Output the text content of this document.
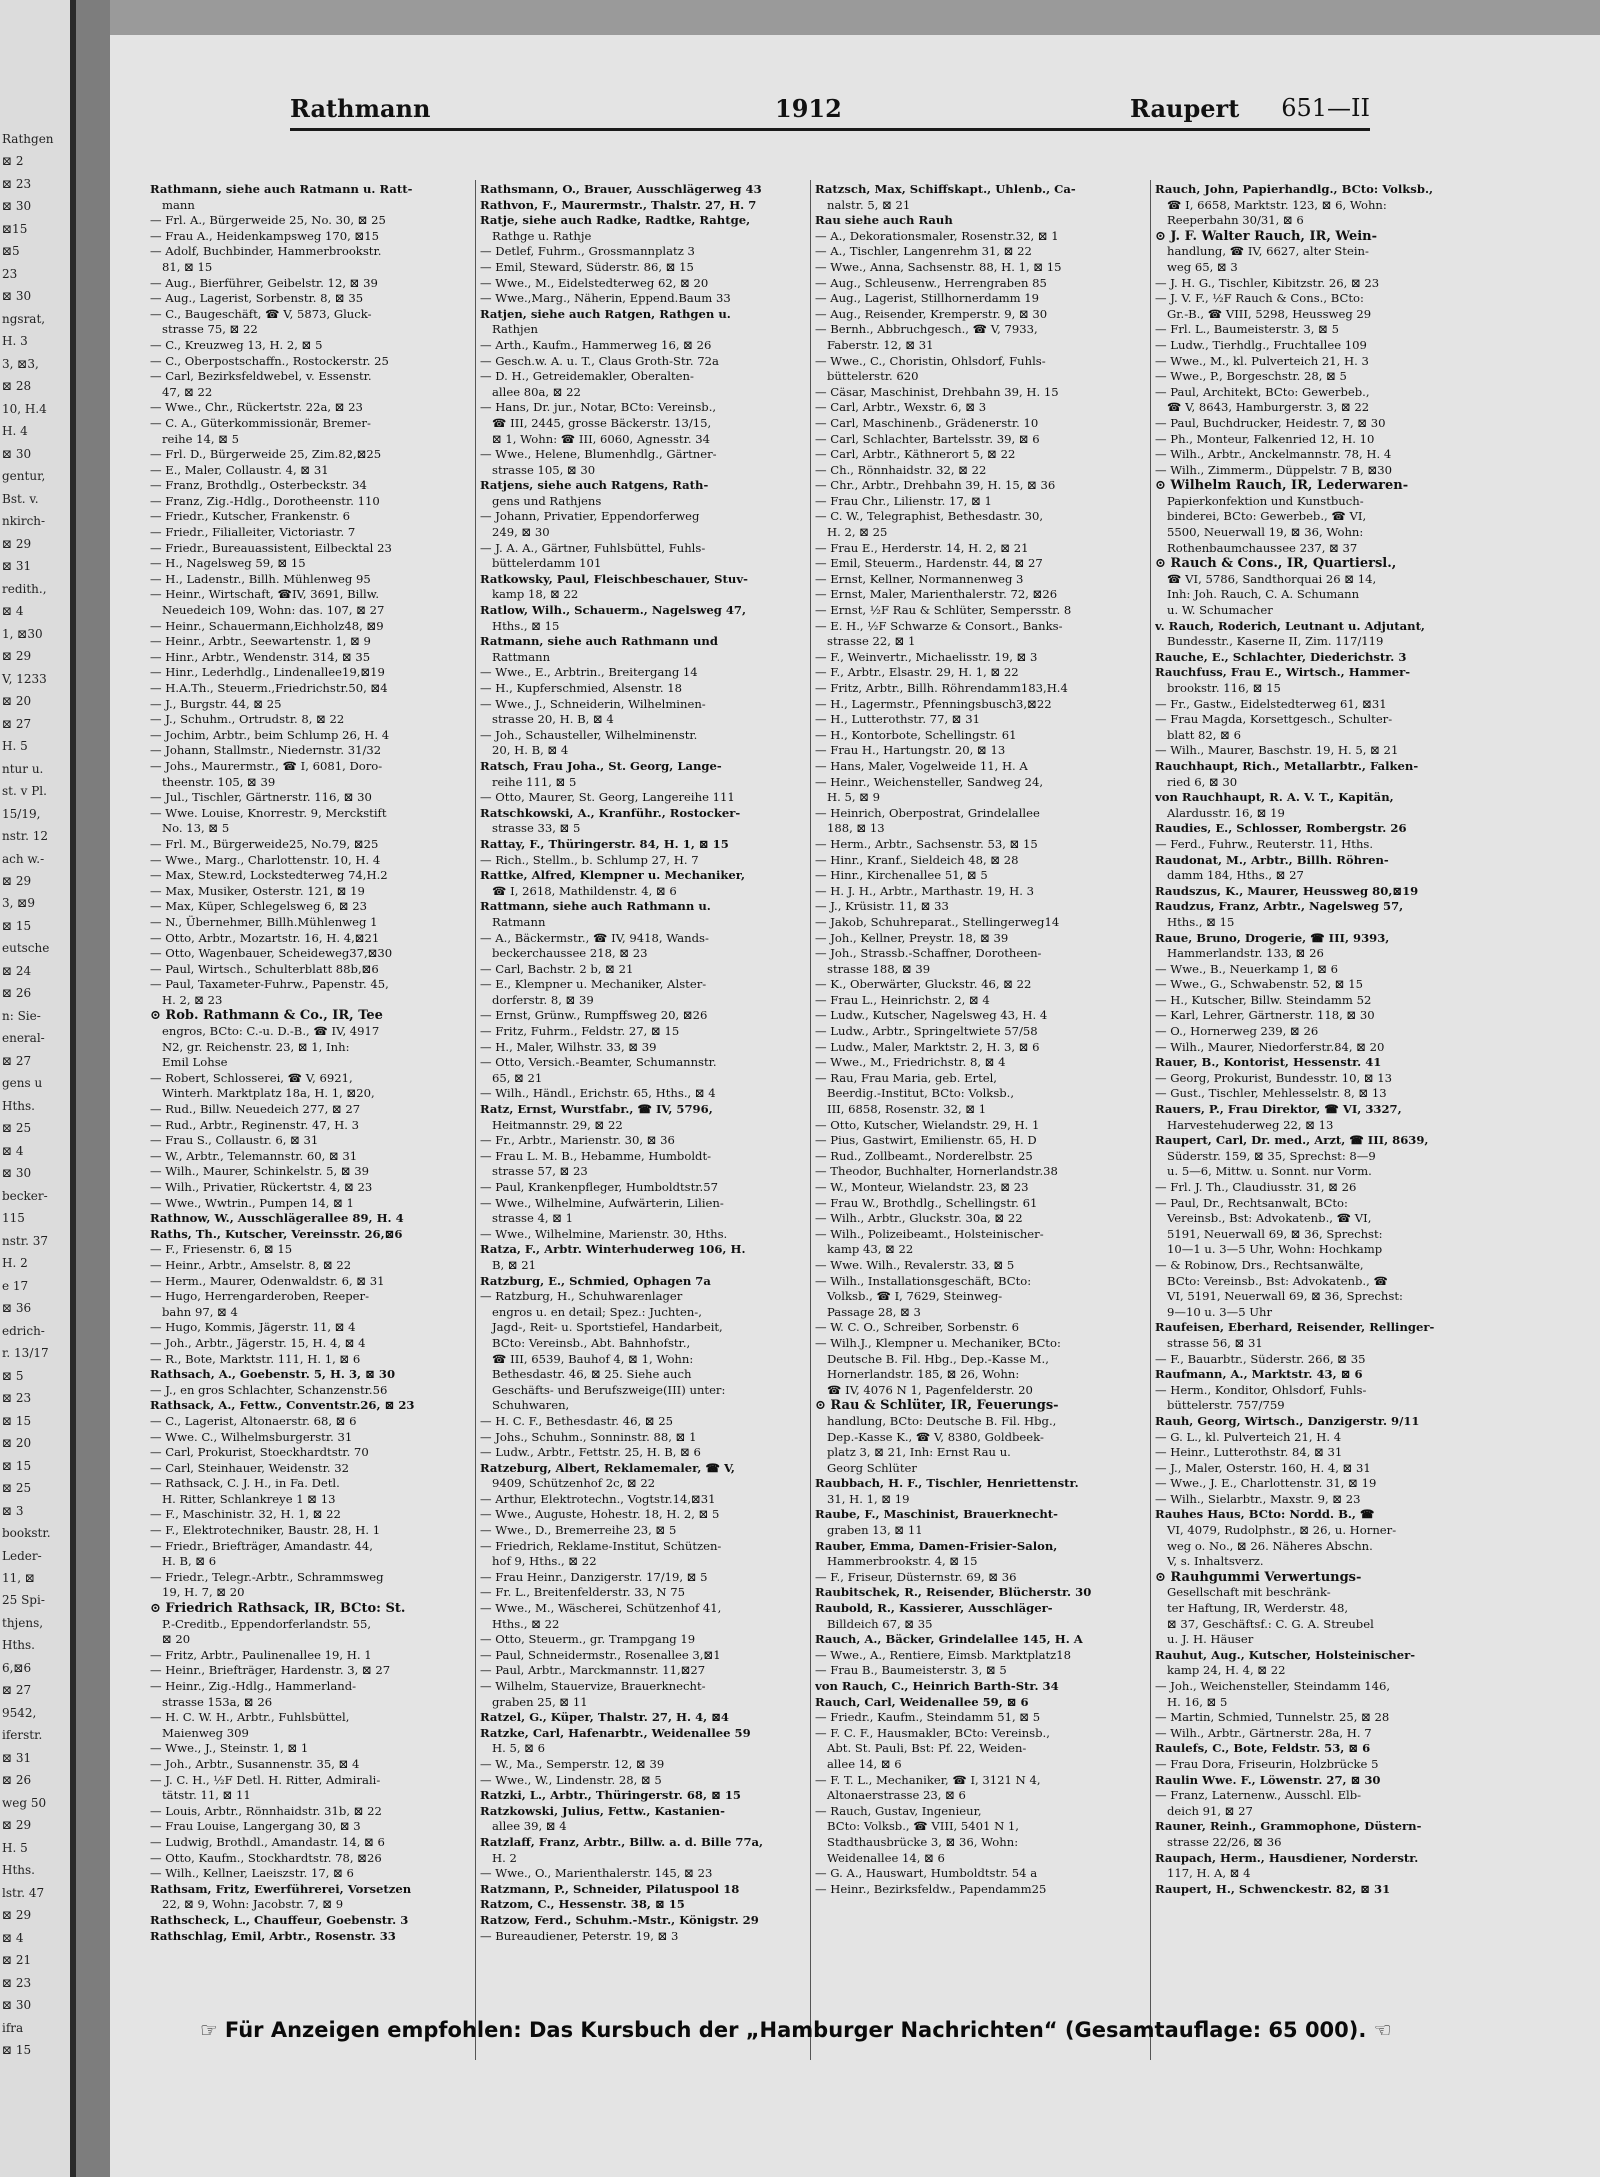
Rathgen
⊠ 2
⊠ 23
⊠ 30
⊠15
⊠5
23
⊠ 30
ngsrat,
H. 3
3, ⊠3,
⊠ 28
10, H.4
H. 4
⊠ 30
gentur,
Bst. v.
nkirch-
⊠ 29
⊠ 31
redith.,
⊠ 4
1, ⊠30
⊠ 29
V, 1233
⊠ 20
⊠ 27
H. 5
ntur u.
st. v Pl.
15/19,
nstr. 12
ach w.-
⊠ 29
3, ⊠9
⊠ 15
eutsche
⊠ 24
⊠ 26
n: Sie-
eneral-
⊠ 27
gens u
Hths.
⊠ 25
⊠ 4
⊠ 30
becker-
115
nstr. 37
H. 2
e 17
⊠ 36
edrich-
r. 13/17
⊠ 5
⊠ 23
⊠ 15
⊠ 20
⊠ 15
⊠ 25
⊠ 3
bookstr.
Leder-
11, ⊠
25 Spi-
thjens,
Hths.
6,⊠6
⊠ 27
9542,
iferstr.
⊠ 31
⊠ 26
weg 50
⊠ 29
H. 5
Hths.
lstr. 47
⊠ 29
⊠ 4
⊠ 21
⊠ 23
⊠ 30
ifra
⊠ 15
Rathmann	1912	Raupert 651—II
Rathmann, siehe auch Ratmann u. Ratt-
mann
— Frl. A., Bürgerweide 25, No. 30, ⊠ 25
— Frau A., Heidenkampsweg 170, ⊠15
— Adolf, Buchbinder, Hammerbrookstr.
81, ⊠ 15
— Aug., Bierführer, Geibelstr. 12, ⊠ 39
— Aug., Lagerist, Sorbenstr. 8, ⊠ 35
— C., Baugeschäft, ☎ V, 5873, Gluck-
strasse 75, ⊠ 22
— C., Kreuzweg 13, H. 2, ⊠ 5
— C., Oberpostschaffn., Rostockerstr. 25
— Carl, Bezirksfeldwebel, v. Essenstr.
47, ⊠ 22
— Wwe., Chr., Rückertstr. 22a, ⊠ 23
— C. A., Güterkommissionär, Bremer-
reihe 14, ⊠ 5
— Frl. D., Bürgerweide 25, Zim.82,⊠25
— E., Maler, Collaustr. 4, ⊠ 31
— Franz, Brothdlg., Osterbeckstr. 34
— Franz, Zig.-Hdlg., Dorotheenstr. 110
— Friedr., Kutscher, Frankenstr. 6
— Friedr., Filialleiter, Victoriastr. 7
— Friedr., Bureauassistent, Eilbecktal 23
— H., Nagelsweg 59, ⊠ 15
— H., Ladenstr., Billh. Mühlenweg 95
— Heinr., Wirtschaft, ☎IV, 3691, Billw.
Neuedeich 109, Wohn: das. 107, ⊠ 27
— Heinr., Schauermann,Eichholz48, ⊠9
— Heinr., Arbtr., Seewartenstr. 1, ⊠ 9
— Hinr., Arbtr., Wendenstr. 314, ⊠ 35
— Hinr., Lederhdlg., Lindenallee19,⊠19
— H.A.Th., Steuerm.,Friedrichstr.50, ⊠4
— J., Burgstr. 44, ⊠ 25
— J., Schuhm., Ortrudstr. 8, ⊠ 22
— Jochim, Arbtr., beim Schlump 26, H. 4
— Johann, Stallmstr., Niedernstr. 31/32
— Johs., Maurermstr., ☎ I, 6081, Doro-
theenstr. 105, ⊠ 39
— Jul., Tischler, Gärtnerstr. 116, ⊠ 30
— Wwe. Louise, Knorrestr. 9, Merckstift
No. 13, ⊠ 5
— Frl. M., Bürgerweide25, No.79, ⊠25
— Wwe., Marg., Charlottenstr. 10, H. 4
— Max, Stew.rd, Lockstedterweg 74,H.2
— Max, Musiker, Osterstr. 121, ⊠ 19
— Max, Küper, Schlegelsweg 6, ⊠ 23
— N., Übernehmer, Billh.Mühlenweg 1
— Otto, Arbtr., Mozartstr. 16, H. 4,⊠21
— Otto, Wagenbauer, Scheideweg37,⊠30
— Paul, Wirtsch., Schulterblatt 88b,⊠6
— Paul, Taxameter-Fuhrw., Papenstr. 45,
H. 2, ⊠ 23
⊙ Rob. Rathmann & Co., IR, Tee
engros, BCto: C.-u. D.-B., ☎ IV, 4917
N2, gr. Reichenstr. 23, ⊠ 1, Inh:
Emil Lohse
— Robert, Schlosserei, ☎ V, 6921,
Winterh. Marktplatz 18a, H. 1, ⊠20,
— Rud., Billw. Neuedeich 277, ⊠ 27
— Rud., Arbtr., Reginenstr. 47, H. 3
— Frau S., Collaustr. 6, ⊠ 31
— W., Arbtr., Telemannstr. 60, ⊠ 31
— Wilh., Maurer, Schinkelstr. 5, ⊠ 39
— Wilh., Privatier, Rückertstr. 4, ⊠ 23
— Wwe., Wwtrin., Pumpen 14, ⊠ 1
Rathnow, W., Ausschlägerallee 89, H. 4
Raths, Th., Kutscher, Vereinsstr. 26,⊠6
— F., Friesenstr. 6, ⊠ 15
— Heinr., Arbtr., Amselstr. 8, ⊠ 22
— Herm., Maurer, Odenwaldstr. 6, ⊠ 31
— Hugo, Herrengarderoben, Reeper-
bahn 97, ⊠ 4
— Hugo, Kommis, Jägerstr. 11, ⊠ 4
— Joh., Arbtr., Jägerstr. 15, H. 4, ⊠ 4
— R., Bote, Marktstr. 111, H. 1, ⊠ 6
Rathsach, A., Goebenstr. 5, H. 3, ⊠ 30
— J., en gros Schlachter, Schanzenstr.56
Rathsack, A., Fettw., Conventstr.26, ⊠ 23
— C., Lagerist, Altonaerstr. 68, ⊠ 6
— Wwe. C., Wilhelmsburgerstr. 31
— Carl, Prokurist, Stoeckhardtstr. 70
— Carl, Steinhauer, Weidenstr. 32
— Rathsack, C. J. H., in Fa. Detl.
H. Ritter, Schlankreye 1 ⊠ 13
— F., Maschinistr. 32, H. 1, ⊠ 22
— F., Elektrotechniker, Baustr. 28, H. 1
— Friedr., Briefträger, Amandastr. 44,
H. B, ⊠ 6
— Friedr., Telegr.-Arbtr., Schrammsweg
19, H. 7, ⊠ 20
⊙ Friedrich Rathsack, IR, BCto: St.
P.-Creditb., Eppendorferlandstr. 55,
⊠ 20
— Fritz, Arbtr., Paulinenallee 19, H. 1
— Heinr., Briefträger, Hardenstr. 3, ⊠ 27
— Heinr., Zig.-Hdlg., Hammerland-
strasse 153a, ⊠ 26
— H. C. W. H., Arbtr., Fuhlsbüttel,
Maienweg 309
— Wwe., J., Steinstr. 1, ⊠ 1
— Joh., Arbtr., Susannenstr. 35, ⊠ 4
— J. C. H., ½F Detl. H. Ritter, Admirali-
tätstr. 11, ⊠ 11
— Louis, Arbtr., Rönnhaidstr. 31b, ⊠ 22
— Frau Louise, Langergang 30, ⊠ 3
— Ludwig, Brothdl., Amandastr. 14, ⊠ 6
— Otto, Kaufm., Stockhardtstr. 78, ⊠26
— Wilh., Kellner, Laeiszstr. 17, ⊠ 6
Rathsam, Fritz, Ewerführerei, Vorsetzen
22, ⊠ 9, Wohn: Jacobstr. 7, ⊠ 9
Rathscheck, L., Chauffeur, Goebenstr. 3
Rathschlag, Emil, Arbtr., Rosenstr. 33
Rathsmann, O., Brauer, Ausschlägerweg 43
Rathvon, F., Maurermstr., Thalstr. 27, H. 7
Ratje, siehe auch Radke, Radtke, Rahtge,
Rathge u. Rathje
— Detlef, Fuhrm., Grossmannplatz 3
— Emil, Steward, Süderstr. 86, ⊠ 15
— Wwe., M., Eidelstedterweg 62, ⊠ 20
— Wwe.,Marg., Näherin, Eppend.Baum 33
Ratjen, siehe auch Ratgen, Rathgen u.
Rathjen
— Arth., Kaufm., Hammerweg 16, ⊠ 26
— Gesch.w. A. u. T., Claus Groth-Str. 72a
— D. H., Getreidemakler, Oberalten-
allee 80a, ⊠ 22
— Hans, Dr. jur., Notar, BCto: Vereinsb.,
☎ III, 2445, grosse Bäckerstr. 13/15,
⊠ 1, Wohn: ☎ III, 6060, Agnesstr. 34
— Wwe., Helene, Blumenhdlg., Gärtner-
strasse 105, ⊠ 30
Ratjens, siehe auch Ratgens, Rath-
gens und Rathjens
— Johann, Privatier, Eppendorferweg
249, ⊠ 30
— J. A. A., Gärtner, Fuhlsbüttel, Fuhls-
büttelerdamm 101
Ratkowsky, Paul, Fleischbeschauer, Stuv-
kamp 18, ⊠ 22
Ratlow, Wilh., Schauerm., Nagelsweg 47,
Hths., ⊠ 15
Ratmann, siehe auch Rathmann und
Rattmann
— Wwe., E., Arbtrin., Breitergang 14
— H., Kupferschmied, Alsenstr. 18
— Wwe., J., Schneiderin, Wilhelminen-
strasse 20, H. B, ⊠ 4
— Joh., Schausteller, Wilhelminenstr.
20, H. B, ⊠ 4
Ratsch, Frau Joha., St. Georg, Lange-
reihe 111, ⊠ 5
— Otto, Maurer, St. Georg, Langereihe 111
Ratschkowski, A., Kranführ., Rostocker-
strasse 33, ⊠ 5
Rattay, F., Thüringerstr. 84, H. 1, ⊠ 15
— Rich., Stellm., b. Schlump 27, H. 7
Rattke, Alfred, Klempner u. Mechaniker,
☎ I, 2618, Mathildenstr. 4, ⊠ 6
Rattmann, siehe auch Rathmann u.
Ratmann
— A., Bäckermstr., ☎ IV, 9418, Wands-
beckerchaussee 218, ⊠ 23
— Carl, Bachstr. 2 b, ⊠ 21
— E., Klempner u. Mechaniker, Alster-
dorferstr. 8, ⊠ 39
— Ernst, Grünw., Rumpffsweg 20, ⊠26
— Fritz, Fuhrm., Feldstr. 27, ⊠ 15
— H., Maler, Wilhstr. 33, ⊠ 39
— Otto, Versich.-Beamter, Schumannstr.
65, ⊠ 21
— Wilh., Händl., Erichstr. 65, Hths., ⊠ 4
Ratz, Ernst, Wurstfabr., ☎ IV, 5796,
Heitmannstr. 29, ⊠ 22
— Fr., Arbtr., Marienstr. 30, ⊠ 36
— Frau L. M. B., Hebamme, Humboldt-
strasse 57, ⊠ 23
— Paul, Krankenpfleger, Humboldtstr.57
— Wwe., Wilhelmine, Aufwärterin, Lilien-
strasse 4, ⊠ 1
— Wwe., Wilhelmine, Marienstr. 30, Hths.
Ratza, F., Arbtr. Winterhuderweg 106, H.
B, ⊠ 21
Ratzburg, E., Schmied, Ophagen 7a
— Ratzburg, H., Schuhwarenlager
engros u. en detail; Spez.: Juchten-,
Jagd-, Reit- u. Sportstiefel, Handarbeit,
BCto: Vereinsb., Abt. Bahnhofstr.,
☎ III, 6539, Bauhof 4, ⊠ 1, Wohn:
Bethesdastr. 46, ⊠ 25. Siehe auch
Geschäfts- und Berufszweige(III) unter:
Schuhwaren,
— H. C. F., Bethesdastr. 46, ⊠ 25
— Johs., Schuhm., Sonninstr. 88, ⊠ 1
— Ludw., Arbtr., Fettstr. 25, H. B, ⊠ 6
Ratzeburg, Albert, Reklamemaler, ☎ V,
9409, Schützenhof 2c, ⊠ 22
— Arthur, Elektrotechn., Vogtstr.14,⊠31
— Wwe., Auguste, Hohestr. 18, H. 2, ⊠ 5
— Wwe., D., Bremerreihe 23, ⊠ 5
— Friedrich, Reklame-Institut, Schützen-
hof 9, Hths., ⊠ 22
— Frau Heinr., Danzigerstr. 17/19, ⊠ 5
— Fr. L., Breitenfelderstr. 33, N 75
— Wwe., M., Wäscherei, Schützenhof 41,
Hths., ⊠ 22
— Otto, Steuerm., gr. Trampgang 19
— Paul, Schneidermstr., Rosenallee 3,⊠1
— Paul, Arbtr., Marckmannstr. 11,⊠27
— Wilhelm, Stauervize, Brauerknecht-
graben 25, ⊠ 11
Ratzel, G., Küper, Thalstr. 27, H. 4, ⊠4
Ratzke, Carl, Hafenarbtr., Weidenallee 59
H. 5, ⊠ 6
— W., Ma., Semperstr. 12, ⊠ 39
— Wwe., W., Lindenstr. 28, ⊠ 5
Ratzki, L., Arbtr., Thüringerstr. 68, ⊠ 15
Ratzkowski, Julius, Fettw., Kastanien-
allee 39, ⊠ 4
Ratzlaff, Franz, Arbtr., Billw. a. d. Bille 77a,
H. 2
— Wwe., O., Marienthalerstr. 145, ⊠ 23
Ratzmann, P., Schneider, Pilatuspool 18
Ratzom, C., Hessenstr. 38, ⊠ 15
Ratzow, Ferd., Schuhm.-Mstr., Königstr. 29
— Bureaudiener, Peterstr. 19, ⊠ 3
Ratzsch, Max, Schiffskapt., Uhlenb., Ca-
nalstr. 5, ⊠ 21
Rau siehe auch Rauh
— A., Dekorationsmaler, Rosenstr.32, ⊠ 1
— A., Tischler, Langenrehm 31, ⊠ 22
— Wwe., Anna, Sachsenstr. 88, H. 1, ⊠ 15
— Aug., Schleusenw., Herrengraben 85
— Aug., Lagerist, Stillhornerdamm 19
— Aug., Reisender, Kremperstr. 9, ⊠ 30
— Bernh., Abbruchgesch., ☎ V, 7933,
Faberstr. 12, ⊠ 31
— Wwe., C., Choristin, Ohlsdorf, Fuhls-
büttelerstr. 620
— Cäsar, Maschinist, Drehbahn 39, H. 15
— Carl, Arbtr., Wexstr. 6, ⊠ 3
— Carl, Maschinenb., Grädenerstr. 10
— Carl, Schlachter, Bartelsstr. 39, ⊠ 6
— Carl, Arbtr., Käthnerort 5, ⊠ 22
— Ch., Rönnhaidstr. 32, ⊠ 22
— Chr., Arbtr., Drehbahn 39, H. 15, ⊠ 36
— Frau Chr., Lilienstr. 17, ⊠ 1
— C. W., Telegraphist, Bethesdastr. 30,
H. 2, ⊠ 25
— Frau E., Herderstr. 14, H. 2, ⊠ 21
— Emil, Steuerm., Hardenstr. 44, ⊠ 27
— Ernst, Kellner, Normannenweg 3
— Ernst, Maler, Marienthalerstr. 72, ⊠26
— Ernst, ½F Rau & Schlüter, Sempersstr. 8
— E. H., ½F Schwarze & Consort., Banks-
strasse 22, ⊠ 1
— F., Weinvertr., Michaelisstr. 19, ⊠ 3
— F., Arbtr., Elsastr. 29, H. 1, ⊠ 22
— Fritz, Arbtr., Billh. Röhrendamm183,H.4
— H., Lagermstr., Pfenningsbusch3,⊠22
— H., Lutterothstr. 77, ⊠ 31
— H., Kontorbote, Schellingstr. 61
— Frau H., Hartungstr. 20, ⊠ 13
— Hans, Maler, Vogelweide 11, H. A
— Heinr., Weichensteller, Sandweg 24,
H. 5, ⊠ 9
— Heinrich, Oberpostrat, Grindelallee
188, ⊠ 13
— Herm., Arbtr., Sachsenstr. 53, ⊠ 15
— Hinr., Kranf., Sieldeich 48, ⊠ 28
— Hinr., Kirchenallee 51, ⊠ 5
— H. J. H., Arbtr., Marthastr. 19, H. 3
— J., Krüsistr. 11, ⊠ 33
— Jakob, Schuhreparat., Stellingerweg14
— Joh., Kellner, Preystr. 18, ⊠ 39
— Joh., Strassb.-Schaffner, Dorotheen-
strasse 188, ⊠ 39
— K., Oberwärter, Gluckstr. 46, ⊠ 22
— Frau L., Heinrichstr. 2, ⊠ 4
— Ludw., Kutscher, Nagelsweg 43, H. 4
— Ludw., Arbtr., Springeltwiete 57/58
— Ludw., Maler, Marktstr. 2, H. 3, ⊠ 6
— Wwe., M., Friedrichstr. 8, ⊠ 4
— Rau, Frau Maria, geb. Ertel,
Beerdig.-Institut, BCto: Volksb.,
III, 6858, Rosenstr. 32, ⊠ 1
— Otto, Kutscher, Wielandstr. 29, H. 1
— Pius, Gastwirt, Emilienstr. 65, H. D
— Rud., Zollbeamt., Norderelbstr. 25
— Theodor, Buchhalter, Hornerlandstr.38
— W., Monteur, Wielandstr. 23, ⊠ 23
— Frau W., Brothdlg., Schellingstr. 61
— Wilh., Arbtr., Gluckstr. 30a, ⊠ 22
— Wilh., Polizeibeamt., Holsteinischer-
kamp 43, ⊠ 22
— Wwe. Wilh., Revalerstr. 33, ⊠ 5
— Wilh., Installationsgeschäft, BCto:
Volksb., ☎ I, 7629, Steinweg-
Passage 28, ⊠ 3
— W. C. O., Schreiber, Sorbenstr. 6
— Wilh.J., Klempner u. Mechaniker, BCto:
Deutsche B. Fil. Hbg., Dep.-Kasse M.,
Hornerlandstr. 185, ⊠ 26, Wohn:
☎ IV, 4076 N 1, Pagenfelderstr. 20
⊙ Rau & Schlüter, IR, Feuerungs-
handlung, BCto: Deutsche B. Fil. Hbg.,
Dep.-Kasse K., ☎ V, 8380, Goldbeek-
platz 3, ⊠ 21, Inh: Ernst Rau u.
Georg Schlüter
Raubbach, H. F., Tischler, Henriettenstr.
31, H. 1, ⊠ 19
Raube, F., Maschinist, Brauerknecht-
graben 13, ⊠ 11
Rauber, Emma, Damen-Frisier-Salon,
Hammerbrookstr. 4, ⊠ 15
— F., Friseur, Düsternstr. 69, ⊠ 36
Raubitschek, R., Reisender, Blücherstr. 30
Raubold, R., Kassierer, Ausschläger-
Billdeich 67, ⊠ 35
Rauch, A., Bäcker, Grindelallee 145, H. A
— Wwe., A., Rentiere, Eimsb. Marktplatz18
— Frau B., Baumeisterstr. 3, ⊠ 5
von Rauch, C., Heinrich Barth-Str. 34
Rauch, Carl, Weidenallee 59, ⊠ 6
— Friedr., Kaufm., Steindamm 51, ⊠ 5
— F. C. F., Hausmakler, BCto: Vereinsb.,
Abt. St. Pauli, Bst: Pf. 22, Weiden-
allee 14, ⊠ 6
— F. T. L., Mechaniker, ☎ I, 3121 N 4,
Altonaerstrasse 23, ⊠ 6
— Rauch, Gustav, Ingenieur,
BCto: Volksb., ☎ VIII, 5401 N 1,
Stadthausbrücke 3, ⊠ 36, Wohn:
Weidenallee 14, ⊠ 6
— G. A., Hauswart, Humboldtstr. 54 a
— Heinr., Bezirksfeldw., Papendamm25
Rauch, John, Papierhandlg., BCto: Volksb.,
☎ I, 6658, Marktstr. 123, ⊠ 6, Wohn:
Reeperbahn 30/31, ⊠ 6
⊙ J. F. Walter Rauch, IR, Wein-
handlung, ☎ IV, 6627, alter Stein-
weg 65, ⊠ 3
— J. H. G., Tischler, Kibitzstr. 26, ⊠ 23
— J. V. F., ½F Rauch & Cons., BCto:
Gr.-B., ☎ VIII, 5298, Heussweg 29
— Frl. L., Baumeisterstr. 3, ⊠ 5
— Ludw., Tierhdlg., Fruchtallee 109
— Wwe., M., kl. Pulverteich 21, H. 3
— Wwe., P., Borgeschstr. 28, ⊠ 5
— Paul, Architekt, BCto: Gewerbeb.,
☎ V, 8643, Hamburgerstr. 3, ⊠ 22
— Paul, Buchdrucker, Heidestr. 7, ⊠ 30
— Ph., Monteur, Falkenried 12, H. 10
— Wilh., Arbtr., Anckelmannstr. 78, H. 4
— Wilh., Zimmerm., Düppelstr. 7 B, ⊠30
⊙ Wilhelm Rauch, IR, Lederwaren-
Papierkonfektion und Kunstbuch-
binderei, BCto: Gewerbeb., ☎ VI,
5500, Neuerwall 19, ⊠ 36, Wohn:
Rothenbaumchaussee 237, ⊠ 37
⊙ Rauch & Cons., IR, Quartiersl.,
☎ VI, 5786, Sandthorquai 26 ⊠ 14,
Inh: Joh. Rauch, C. A. Schumann
u. W. Schumacher
v. Rauch, Roderich, Leutnant u. Adjutant,
Bundesstr., Kaserne II, Zim. 117/119
Rauche, E., Schlachter, Diederichstr. 3
Rauchfuss, Frau E., Wirtsch., Hammer-
brookstr. 116, ⊠ 15
— Fr., Gastw., Eidelstedterweg 61, ⊠31
— Frau Magda, Korsettgesch., Schulter-
blatt 82, ⊠ 6
— Wilh., Maurer, Baschstr. 19, H. 5, ⊠ 21
Rauchhaupt, Rich., Metallarbtr., Falken-
ried 6, ⊠ 30
von Rauchhaupt, R. A. V. T., Kapitän,
Alardusstr. 16, ⊠ 19
Raudies, E., Schlosser, Rombergstr. 26
— Ferd., Fuhrw., Reuterstr. 11, Hths.
Raudonat, M., Arbtr., Billh. Röhren-
damm 184, Hths., ⊠ 27
Raudszus, K., Maurer, Heussweg 80,⊠19
Raudzus, Franz, Arbtr., Nagelsweg 57,
Hths., ⊠ 15
Raue, Bruno, Drogerie, ☎ III, 9393,
Hammerlandstr. 133, ⊠ 26
— Wwe., B., Neuerkamp 1, ⊠ 6
— Wwe., G., Schwabenstr. 52, ⊠ 15
— H., Kutscher, Billw. Steindamm 52
— Karl, Lehrer, Gärtnerstr. 118, ⊠ 30
— O., Hornerweg 239, ⊠ 26
— Wilh., Maurer, Niedorferstr.84, ⊠ 20
Rauer, B., Kontorist, Hessenstr. 41
— Georg, Prokurist, Bundesstr. 10, ⊠ 13
— Gust., Tischler, Mehlesselstr. 8, ⊠ 13
Rauers, P., Frau Direktor, ☎ VI, 3327,
Harvestehuderweg 22, ⊠ 13
Raupert, Carl, Dr. med., Arzt, ☎ III, 8639,
Süderstr. 159, ⊠ 35, Sprechst: 8—9
u. 5—6, Mittw. u. Sonnt. nur Vorm.
— Frl. J. Th., Claudiusstr. 31, ⊠ 26
— Paul, Dr., Rechtsanwalt, BCto:
Vereinsb., Bst: Advokatenb., ☎ VI,
5191, Neuerwall 69, ⊠ 36, Sprechst:
10—1 u. 3—5 Uhr, Wohn: Hochkamp
— & Robinow, Drs., Rechtsanwälte,
BCto: Vereinsb., Bst: Advokatenb., ☎
VI, 5191, Neuerwall 69, ⊠ 36, Sprechst:
9—10 u. 3—5 Uhr
Raufeisen, Eberhard, Reisender, Rellinger-
strasse 56, ⊠ 31
— F., Bauarbtr., Süderstr. 266, ⊠ 35
Raufmann, A., Marktstr. 43, ⊠ 6
— Herm., Konditor, Ohlsdorf, Fuhls-
büttelerstr. 757/759
Rauh, Georg, Wirtsch., Danzigerstr. 9/11
— G. L., kl. Pulverteich 21, H. 4
— Heinr., Lutterothstr. 84, ⊠ 31
— J., Maler, Osterstr. 160, H. 4, ⊠ 31
— Wwe., J. E., Charlottenstr. 31, ⊠ 19
— Wilh., Sielarbtr., Maxstr. 9, ⊠ 23
Rauhes Haus, BCto: Nordd. B., ☎
VI, 4079, Rudolphstr., ⊠ 26, u. Horner-
weg o. No., ⊠ 26. Näheres Abschn.
V, s. Inhaltsverz.
⊙ Rauhgummi Verwertungs-
Gesellschaft mit beschränk-
ter Haftung, IR, Werderstr. 48,
⊠ 37, Geschäftsf.: C. G. A. Streubel
u. J. H. Häuser
Rauhut, Aug., Kutscher, Holsteinischer-
kamp 24, H. 4, ⊠ 22
— Joh., Weichensteller, Steindamm 146,
H. 16, ⊠ 5
— Martin, Schmied, Tunnelstr. 25, ⊠ 28
— Wilh., Arbtr., Gärtnerstr. 28a, H. 7
Raulefs, C., Bote, Feldstr. 53, ⊠ 6
— Frau Dora, Friseurin, Holzbrücke 5
Raulin Wwe. F., Löwenstr. 27, ⊠ 30
— Franz, Laternenw., Ausschl. Elb-
deich 91, ⊠ 27
Rauner, Reinh., Grammophone, Düstern-
strasse 22/26, ⊠ 36
Raupach, Herm., Hausdiener, Norderstr.
117, H. A, ⊠ 4
Raupert, H., Schwenckestr. 82, ⊠ 31
☞ Für Anzeigen empfohlen: Das Kursbuch der „Hamburger Nachrichten“ (Gesamtauflage: 65 000). ☜
